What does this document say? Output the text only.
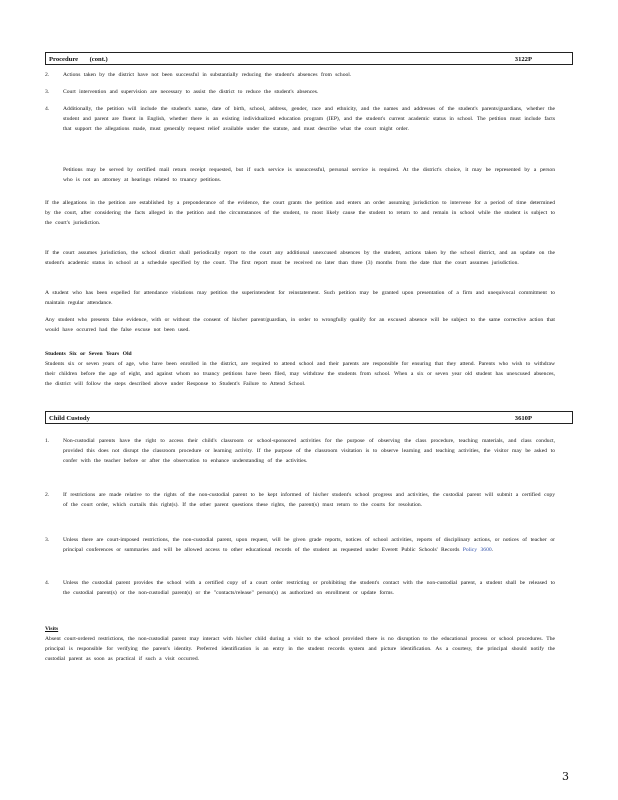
Procedure (cont.)	3122P
2. Actions taken by the district have not been successful in substantially reducing the student's absences from school.
3. Court intervention and supervision are necessary to assist the district to reduce the student's absences.
4. Additionally, the petition will include the student's name, date of birth, school, address, gender, race and ethnicity, and the names and addresses of the student's parents/guardians, whether the student and parent are fluent in English, whether there is an existing individualized education program (IEP), and the student's current academic status in school. The petition must include facts that support the allegations made, must generally request relief available under the statute, and must describe what the court might order.
Petitions may be served by certified mail return receipt requested, but if such service is unsuccessful, personal service is required. At the district's choice, it may be represented by a person who is not an attorney at hearings related to truancy petitions.
If the allegations in the petition are established by a preponderance of the evidence, the court grants the petition and enters an order assuming jurisdiction to intervene for a period of time determined by the court, after considering the facts alleged in the petition and the circumstances of the student, to most likely cause the student to return to and remain in school while the student is subject to the court's jurisdiction.
If the court assumes jurisdiction, the school district shall periodically report to the court any additional unexcused absences by the student, actions taken by the school district, and an update on the student's academic status in school at a schedule specified by the court. The first report must be received no later than three (3) months from the date that the court assumes jurisdiction.
A student who has been expelled for attendance violations may petition the superintendent for reinstatement. Such petition may be granted upon presentation of a firm and unequivocal commitment to maintain regular attendance.
Any student who presents false evidence, with or without the consent of his/her parent/guardian, in order to wrongfully qualify for an excused absence will be subject to the same corrective action that would have occurred had the false excuse not been used.
Students Six or Seven Years Old
Students six or seven years of age, who have been enrolled in the district, are required to attend school and their parents are responsible for ensuring that they attend. Parents who wish to withdraw their children before the age of eight, and against whom no truancy petitions have been filed, may withdraw the students from school. When a six or seven year old student has unexcused absences, the district will follow the steps described above under Response to Student's Failure to Attend School.
Child Custody	3610P
1. Non-custodial parents have the right to access their child's classroom or school-sponsored activities for the purpose of observing the class procedure, teaching materials, and class conduct, provided this does not disrupt the classroom procedure or learning activity. If the purpose of the classroom visitation is to observe learning and teaching activities, the visitor may be asked to confer with the teacher before or after the observation to enhance understanding of the activities.
2. If restrictions are made relative to the rights of the non-custodial parent to be kept informed of his/her student's school progress and activities, the custodial parent will submit a certified copy of the court order, which curtails this right(s). If the other parent questions these rights, the parent(s) must return to the courts for resolution.
3. Unless there are court-imposed restrictions, the non-custodial parent, upon request, will be given grade reports, notices of school activities, reports of disciplinary actions, or notices of teacher or principal conferences or summaries and will be allowed access to other educational records of the student as requested under Everett Public Schools' Records Policy 3600.
4. Unless the custodial parent provides the school with a certified copy of a court order restricting or prohibiting the student's contact with the non-custodial parent, a student shall be released to the custodial parent(s) or the non-custodial parent(s) or the "contacts/release" person(s) as authorized on enrollment or update forms.
Visits
Absent court-ordered restrictions, the non-custodial parent may interact with his/her child during a visit to the school provided there is no disruption to the educational process or school procedures. The principal is responsible for verifying the parent's identity. Preferred identification is an entry in the student records system and picture identification. As a courtesy, the principal should notify the custodial parent as soon as practical if such a visit occurred.
3
